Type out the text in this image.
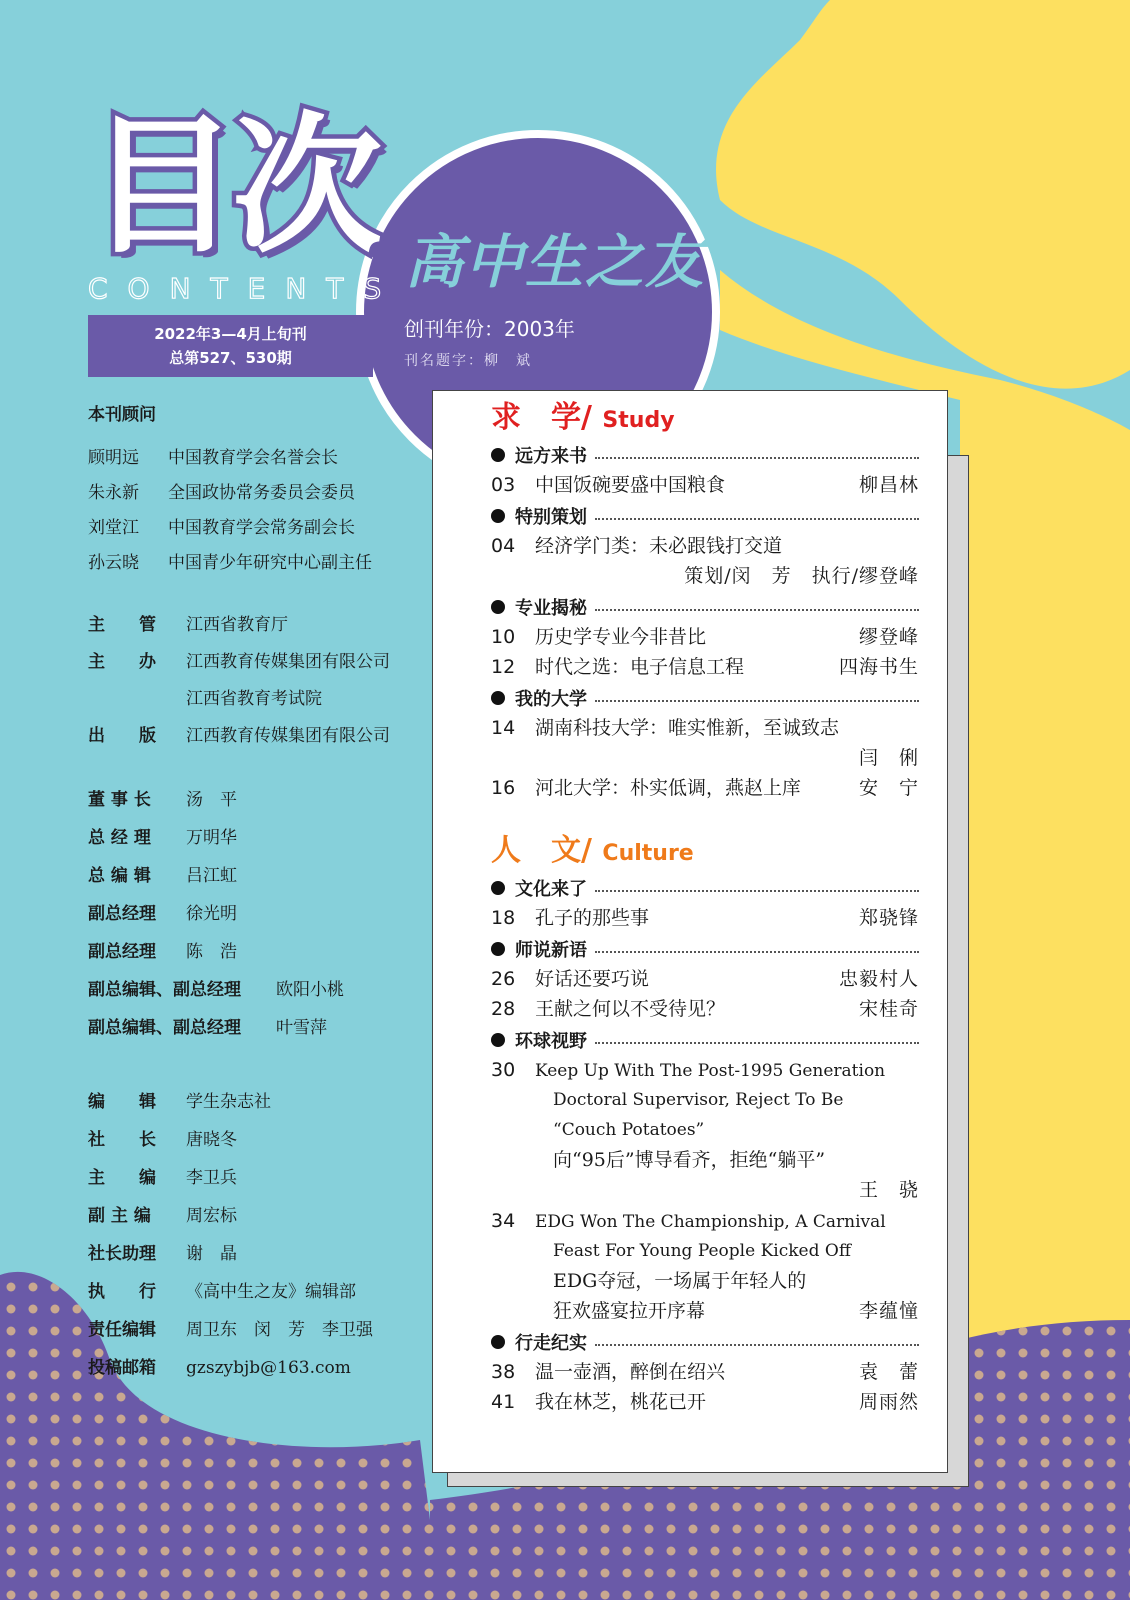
目次
CONTENTS
2022年3—4月上旬刊
总第527、530期
高中生之友
创刊年份：2003年
刊名题字：柳　斌
本刊顾问
顾明远 中国教育学会名誉会长
朱永新 全国政协常务委员会委员
刘堂江 中国教育学会常务副会长
孙云晓 中国青少年研究中心副主任
主　　管 江西省教育厅
主　　办 江西教育传媒集团有限公司
江西省教育考试院
出　　版 江西教育传媒集团有限公司
董 事 长 汤　平
总 经 理 万明华
总 编 辑 吕江虹
副总经理 徐光明
副总经理 陈　浩
副总编辑、副总经理 欧阳小桃
副总编辑、副总经理 叶雪萍
编　　辑 学生杂志社
社　　长 唐晓冬
主　　编 李卫兵
副 主 编 周宏标
社长助理 谢　晶
执　　行 《高中生之友》编辑部
责任编辑 周卫东　闵　芳　李卫强
投稿邮箱 gzszybjb@163.com
求　学/ Study
远方来书
03 中国饭碗要盛中国粮食	柳昌林
特别策划
04 经济学门类：未必跟钱打交道
策划/闵　芳　执行/缪登峰
专业揭秘
10 历史学专业今非昔比	缪登峰
12 时代之选：电子信息工程	四海书生
我的大学
14 湖南科技大学：唯实惟新，至诚致志
闫　俐
16 河北大学：朴实低调，燕赵上庠	安　宁
人　文/ Culture
文化来了
18 孔子的那些事	郑骁锋
师说新语
26 好话还要巧说	忠毅村人
28 王献之何以不受待见？	宋桂奇
环球视野
30 Keep Up With The Post-1995 Generation
Doctoral Supervisor, Reject To Be
“Couch Potatoes”
向“95后”博导看齐，拒绝“躺平”
王　骁
34 EDG Won The Championship, A Carnival
Feast For Young People Kicked Off
EDG夺冠，一场属于年轻人的
狂欢盛宴拉开序幕	李蕴憧
行走纪实
38 温一壶酒，醉倒在绍兴	袁　蕾
41 我在林芝，桃花已开	周雨然
